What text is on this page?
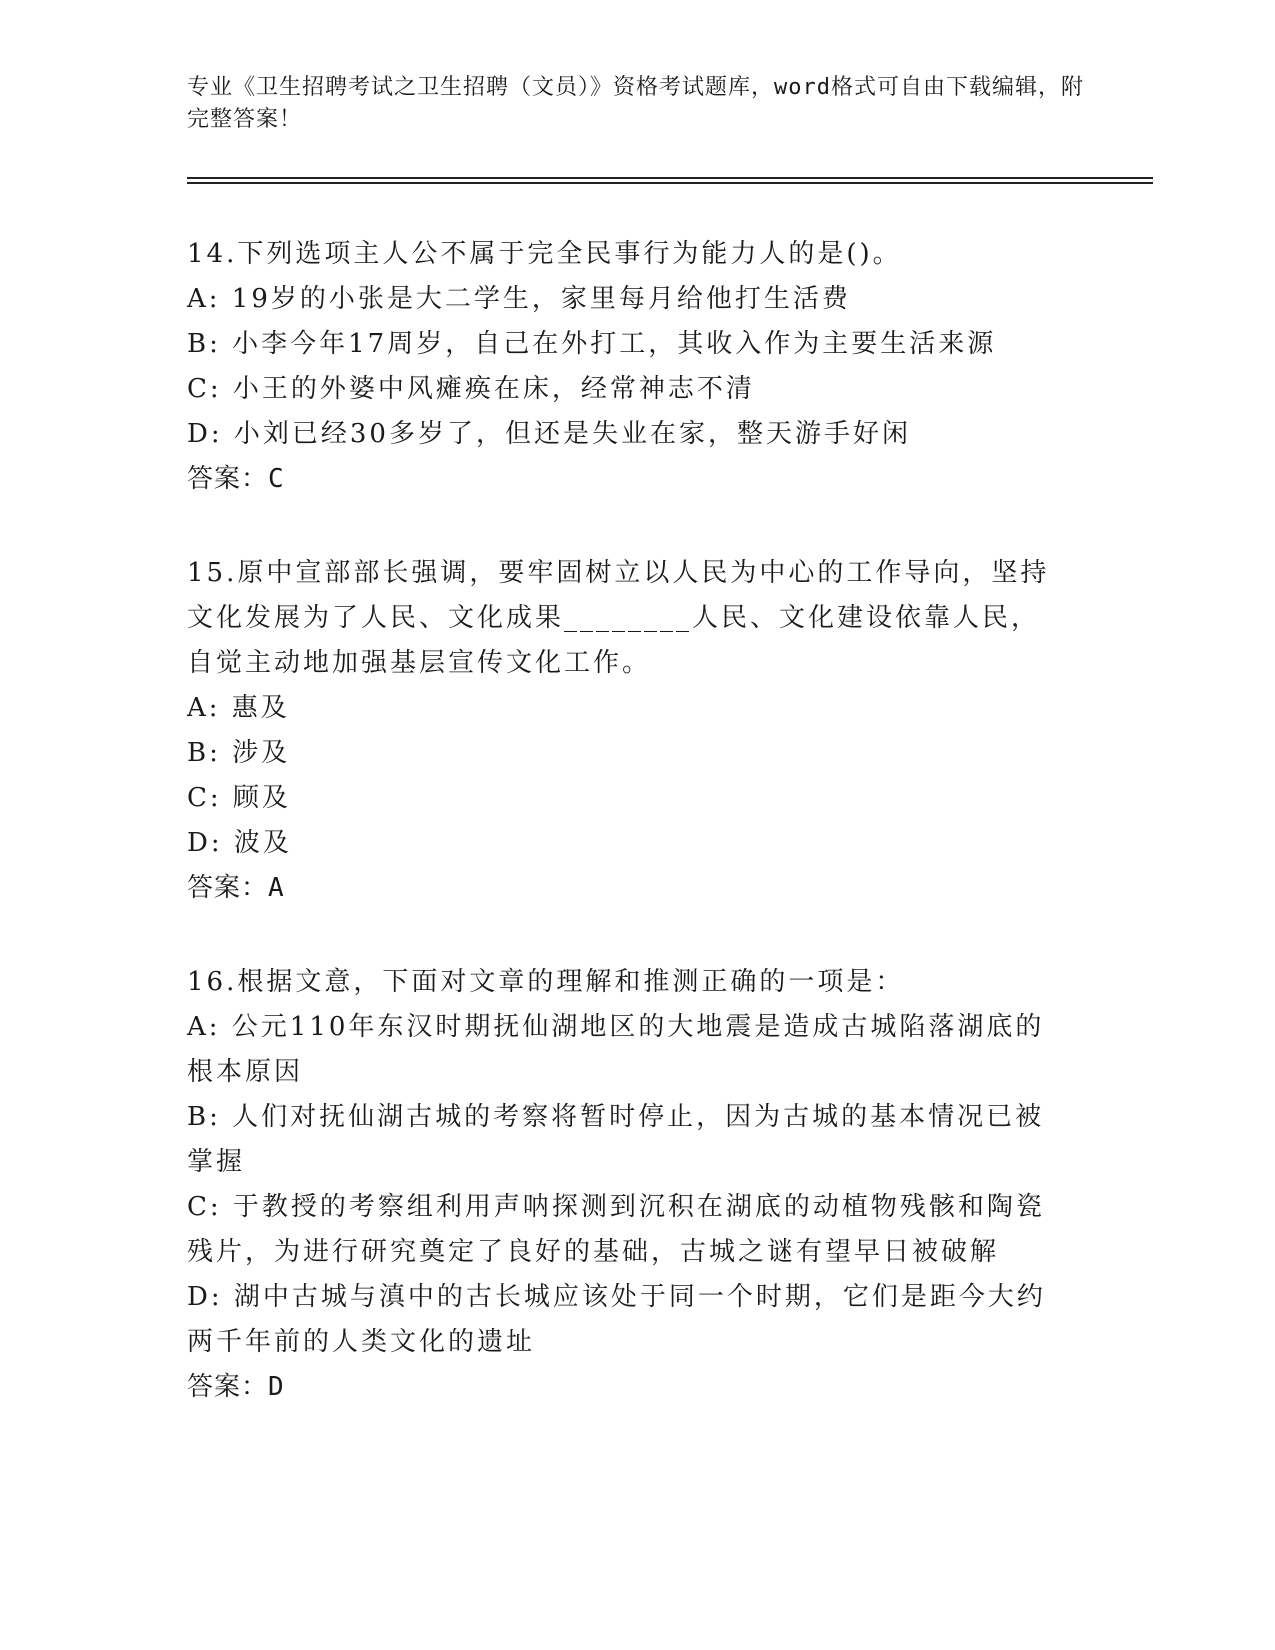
专业《卫生招聘考试之卫生招聘（文员）》资格考试题库，word格式可自由下载编辑，附完整答案！

14.下列选项主人公不属于完全民事行为能力人的是()。

A: 19岁的小张是大二学生，家里每月给他打生活费

B: 小李今年17周岁，自己在外打工，其收入作为主要生活来源

C: 小王的外婆中风瘫痪在床，经常神志不清

D: 小刘已经30多岁了，但还是失业在家，整天游手好闲

答案：C

15.原中宣部部长强调，要牢固树立以人民为中心的工作导向，坚持文化发展为了人民、文化成果________人民、文化建设依靠人民，自觉主动地加强基层宣传文化工作。

A: 惠及

B: 涉及

C: 顾及

D: 波及

答案：A

16.根据文意，下面对文章的理解和推测正确的一项是：

A: 公元110年东汉时期抚仙湖地区的大地震是造成古城陷落湖底的根本原因

B: 人们对抚仙湖古城的考察将暂时停止，因为古城的基本情况已被掌握

C: 于教授的考察组利用声呐探测到沉积在湖底的动植物残骸和陶瓷残片，为进行研究奠定了良好的基础，古城之谜有望早日被破解

D: 湖中古城与滇中的古长城应该处于同一个时期，它们是距今大约两千年前的人类文化的遗址

答案：D
